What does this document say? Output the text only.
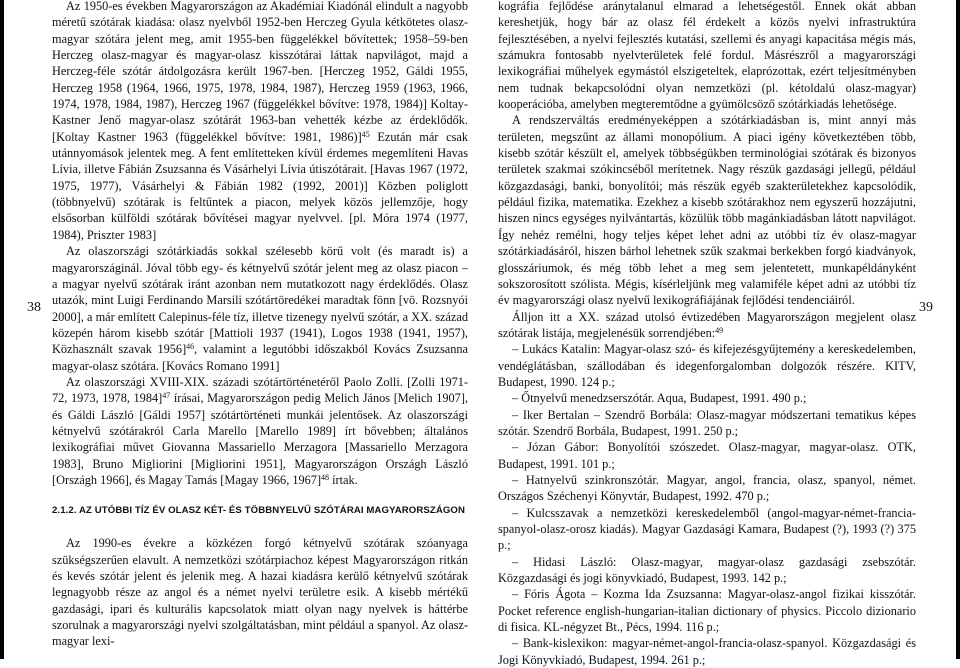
38

Az 1950-es években Magyarországon az Akadémiai Kiadónál elindult a nagyobb méretű szótárak kiadása: olasz nyelvből 1952-ben Herczeg Gyula kétkötetes olasz-magyar szótára jelent meg, amit 1955-ben függelékkel bővítettek; 1958–59-ben Herczeg olasz-magyar és magyar-olasz kisszótárai láttak napvilágot, majd a Herczeg-féle szótár átdolgozásra került 1967-ben. [Herczeg 1952, Gáldi 1955, Herczeg 1958 (1964, 1966, 1975, 1978, 1984, 1987), Herczeg 1959 (1963, 1966, 1974, 1978, 1984, 1987), Herczeg 1967 (függelékkel bővítve: 1978, 1984)] Koltay-Kastner Jenő magyar-olasz szótárát 1963-ban vehették kézbe az érdeklődők. [Koltay Kastner 1963 (függelékkel bővítve: 1981, 1986)]$^{45}$ Ezután már csak utánnyomások jelentek meg. A fent említetteken kívül érdemes megemlíteni Havas Lívia, illetve Fábián Zsuzsanna és Vásárhelyi Lívia útiszótárait. [Havas 1967 (1972, 1975, 1977), Vásárhelyi & Fábián 1982 (1992, 2001)] Közben poliglott (többnyelvű) szótárak is feltűntek a piacon, melyek közös jellemzője, hogy elsősorban külföldi szótárak bővítései magyar nyelvvel. [pl. Móra 1974 (1977, 1984), Priszter 1983]

Az olaszországi szótárkiadás sokkal szélesebb körű volt (és maradt is) a magyarországinál. Jóval több egy- és kétnyelvű szótár jelent meg az olasz piacon – a magyar nyelvű szótárak iránt azonban nem mutatkozott nagy érdeklődés. Olasz utazók, mint Luigi Ferdinando Marsili szótártöredékei maradtak fönn [vö. Rozsnyói 2000], a már említett Calepinus-féle tíz, illetve tizenegy nyelvű szótár, a XX. század közepén három kisebb szótár [Mattioli 1937 (1941), Logos 1938 (1941, 1957), Közhasznált szavak 1956]$^{46}$, valamint a legutóbbi időszakból Kovács Zsuzsanna magyar-olasz szótára. [Kovács Romano 1991]

Az olaszországi XVIII-XIX. századi szótártörténetéről Paolo Zolli. [Zolli 1971-72, 1973, 1978, 1984]$^{47}$ írásai, Magyarországon pedig Melich János [Melich 1907], és Gáldi László [Gáldi 1957] szótártörténeti munkái jelentősek. Az olaszországi kétnyelvű szótárakról Carla Marello [Marello 1989] írt bővebben; általános lexikográfiai művet Giovanna Massariello Merzagora [Massariello Merzagora 1983], Bruno Migliorini [Migliorini 1951], Magyarországon Országh László [Országh 1966], és Magay Tamás [Magay 1966, 1967]$^{48}$ írtak.

2.1.2. AZ UTÓBBI TÍZ ÉV OLASZ KÉT- ÉS TÖBBNYELVŰ SZÓTÁRAI MAGYARORSZÁGON

Az 1990-es évekre a közkézen forgó kétnyelvű szótárak szóanyaga szükségszerűen elavult. A nemzetközi szótárpiachoz képest Magyarországon ritkán és kevés szótár jelent és jelenik meg. A hazai kiadásra kerülő kétnyelvű szótárak legnagyobb része az angol és a német nyelvi területre esik. A kisebb mértékű gazdasági, ipari és kulturális kapcsolatok miatt olyan nagy nyelvek is háttérbe szorulnak a magyarországi nyelvi szolgáltatásban, mint például a spanyol. Az olasz-magyar lexi-

39

kográfia fejlődése aránytalanul elmarad a lehetségestől. Ennek okát abban kereshetjük, hogy bár az olasz fél érdekelt a közös nyelvi infrastruktúra fejlesztésében, a nyelvi fejlesztés kutatási, szellemi és anyagi kapacitása mégis más, számukra fontosabb nyelvterületek felé fordul. Másrészről a magyarországi lexikográfiai műhelyek egymástól elszigeteltek, elaprózottak, ezért teljesítményben nem tudnak bekapcsolódni olyan nemzetközi (pl. kétoldalú olasz-magyar) kooperációba, amelyben megteremtődne a gyümölcsöző szótárkiadás lehetősége.

A rendszerváltás eredményeképpen a szótárkiadásban is, mint annyi más területen, megszűnt az állami monopólium. A piaci igény következtében több, kisebb szótár készült el, amelyek többségükben terminológiai szótárak és bizonyos területek szakmai szókincséből merítetnek. Nagy részük gazdasági jellegű, például közgazdasági, banki, bonyolítói; más részük egyéb szakterületekhez kapcsolódik, például fizika, matematika. Ezekhez a kisebb szótárakhoz nem egyszerű hozzájutni, hiszen nincs egységes nyilvántartás, közülük több magánkiadásban látott napvilágot. Így nehéz remélni, hogy teljes képet lehet adni az utóbbi tíz év olasz-magyar szótárkiadásáról, hiszen bárhol lehetnek szűk szakmai berkekben forgó kiadványok, glosszáriumok, és még több lehet a meg sem jelentetett, munkapéldányként sokszorosított szólista. Mégis, kísérleljünk meg valamiféle képet adni az utóbbi tíz év magyarországi olasz nyelvű lexikográfiájának fejlődési tendenciáiról.

Álljon itt a XX. század utolsó évtizedében Magyarországon megjelent olasz szótárak listája, megjelenésük sorrendjében:$^{49}$

– Lukács Katalin: Magyar-olasz szó- és kifejezésgyűjtemény a kereskedelemben, vendéglátásban, szállodában és idegenforgalomban dolgozók részére. KITV, Budapest, 1990. 124 p.;

– Őtnyelvű menedzserszótár. Aqua, Budapest, 1991. 490 p.;

– Iker Bertalan – Szendrő Borbála: Olasz-magyar módszertani tematikus képes szótár. Szendrő Borbála, Budapest, 1991. 250 p.;

– Józan Gábor: Bonyolítói szószedet. Olasz-magyar, magyar-olasz. OTK, Budapest, 1991. 101 p.;

– Hatnyelvű szinkronszótár. Magyar, angol, francia, olasz, spanyol, német. Országos Széchenyi Könyvtár, Budapest, 1992. 470 p.;

– Kulcsszavak a nemzetközi kereskedelemből (angol-magyar-német-francia-spanyol-olasz-orosz kiadás). Magyar Gazdasági Kamara, Budapest (?), 1993 (?) 375 p.;

– Hidasi László: Olasz-magyar, magyar-olasz gazdasági zsebszótár. Közgazdasági és jogi könyvkiadó, Budapest, 1993. 142 p.;

– Fóris Ágota – Kozma Ida Zsuzsanna: Magyar-olasz-angol fizikai kisszótár. Pocket reference english-hungarian-italian dictionary of physics. Piccolo dizionario di fisica. KL-négyzet Bt., Pécs, 1994. 116 p.;

– Bank-kislexikon: magyar-német-angol-francia-olasz-spanyol. Közgazdasági és Jogi Könyvkiadó, Budapest, 1994. 261 p.;
